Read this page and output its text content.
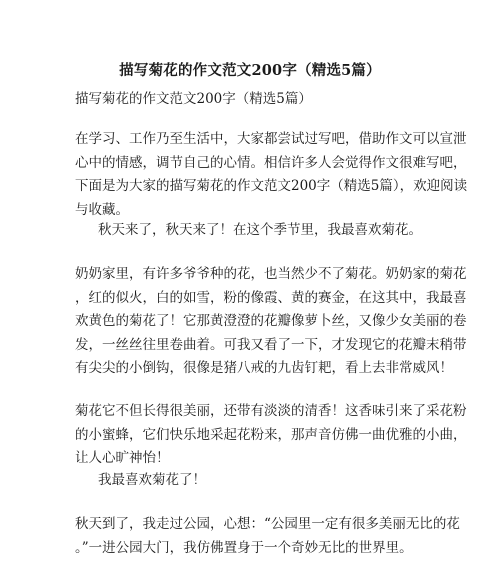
描写菊花的作文范文200字（精选5篇）
描写菊花的作文范文200字（精选5篇）
在学习、工作乃至生活中，大家都尝试过写吧，借助作文可以宣泄
心中的情感，调节自己的心情。相信许多人会觉得作文很难写吧，
下面是为大家的描写菊花的作文范文200字（精选5篇），欢迎阅读
与收藏。
秋天来了，秋天来了！在这个季节里，我最喜欢菊花。
奶奶家里，有许多爷爷种的花，也当然少不了菊花。奶奶家的菊花
，红的似火，白的如雪，粉的像霞、黄的赛金，在这其中，我最喜
欢黄色的菊花了！它那黄澄澄的花瓣像萝卜丝，又像少女美丽的卷
发，一丝丝往里卷曲着。可我又看了一下，才发现它的花瓣末稍带
有尖尖的小倒钩，很像是猪八戒的九齿钉耙，看上去非常威风！
菊花它不但长得很美丽，还带有淡淡的清香！这香味引来了采花粉
的小蜜蜂，它们快乐地采起花粉来，那声音仿佛一曲优雅的小曲，
让人心旷神怡！
我最喜欢菊花了！
秋天到了，我走过公园，心想：“公园里一定有很多美丽无比的花
。”一进公园大门，我仿佛置身于一个奇妙无比的世界里。
